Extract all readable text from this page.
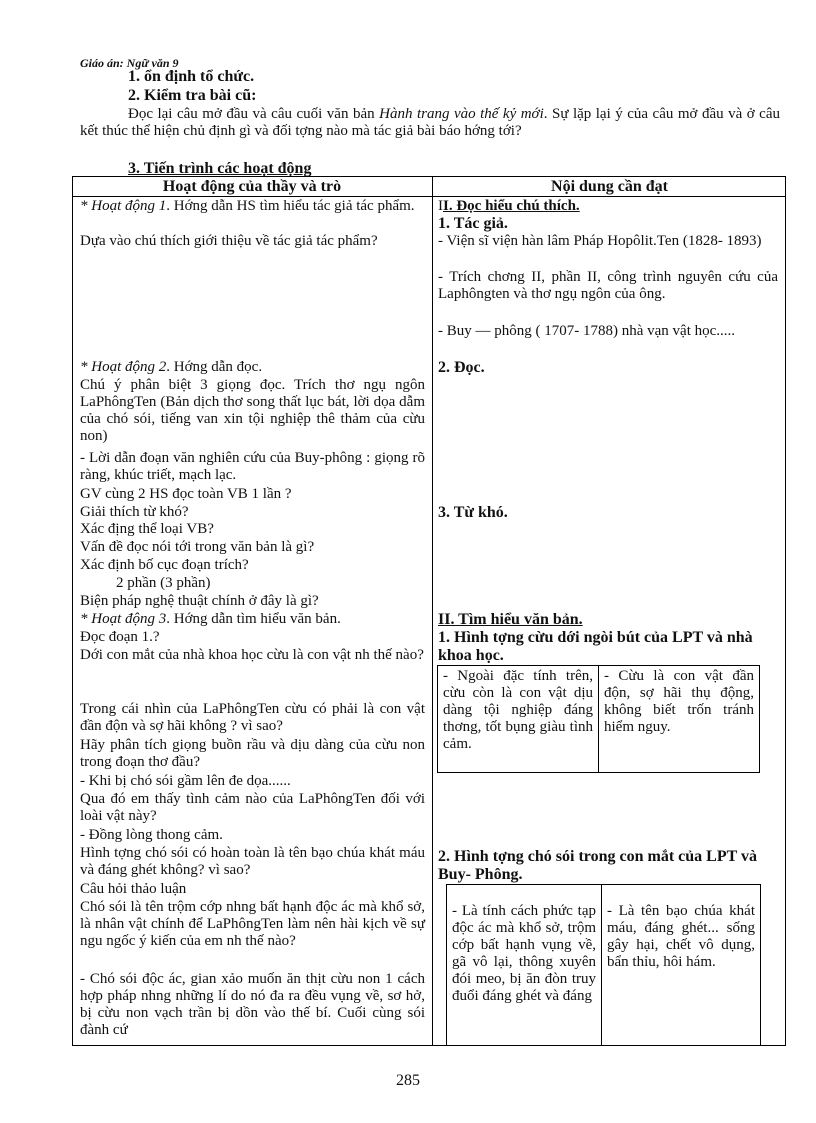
Giáo án: Ngữ văn 9
1. ổn định tổ chức.
2. Kiểm tra bài cũ:
Đọc lại câu mở đầu và câu cuối văn bản Hành trang vào thế kỷ mới. Sự lặp lại ý của câu mở đầu và ở câu kết thúc thể hiện chủ định gì và đối tợng nào mà tác giả bài báo hớng tới?
3. Tiến trình các hoạt động
Hoạt động của thầy và trò	Nội dung cần đạt
* Hoạt động 1. Hớng dẫn HS tìm hiểu tác giả tác phẩm.
Dựa vào chú thích giới thiệu về tác giả tác phẩm?
* Hoạt động 2. Hớng dẫn đọc.
Chú ý phân biệt 3 giọng đọc. Trích thơ ngụ ngôn LaPhôngTen (Bản dịch thơ song thất lục bát, lời dọa dẫm của chó sói, tiếng van xin tội nghiệp thê thảm của cừu non)
- Lời dẫn đoạn văn nghiên cứu của Buy-phông : giọng rõ ràng, khúc triết, mạch lạc.
GV cùng 2 HS đọc toàn VB 1 lần ?
Giải thích từ khó?
Xác địng thể loại VB?
Vấn đề đọc nói tới trong văn bản là gì?
Xác định bố cục đoạn trích?
2 phần (3 phần)
Biện pháp nghệ thuật chính ở đây là gì?
* Hoạt động 3. Hớng dẫn tìm hiểu văn bản.
Đọc đoạn 1.?
Dới con mắt của nhà khoa học cừu là con vật nh thế nào?
Trong cái nhìn của LaPhôngTen cừu có phải là con vật đần độn và sợ hãi không ? vì sao?
Hãy phân tích giọng buồn rầu và dịu dàng của cừu non trong đoạn thơ đầu?
- Khi bị chó sói gầm lên đe dọa......
Qua đó em thấy tình cảm nào của LaPhôngTen đối với loài vật này?
- Đồng lòng thong cảm.
Hình tợng chó sói có hoàn toàn là tên bạo chúa khát máu và đáng ghét không? vì sao?
Câu hỏi thảo luận
Chó sói là tên trộm cớp nhng bất hạnh độc ác mà khổ sở, là nhân vật chính để LaPhôngTen làm nên hài kịch về sự ngu ngốc ý kiến của em nh thế nào?
- Chó sói độc ác, gian xảo muốn ăn thịt cừu non 1 cách hợp pháp nhng những lí do nó đa ra đều vụng về, sơ hở, bị cừu non vạch trần bị dồn vào thế bí. Cuối cùng sói đành cứ
II. Đọc hiểu chú thích.
1. Tác giả.
- Viện sĩ viện hàn lâm Pháp Hopôlit.Ten (1828- 1893)
- Trích chơng II, phần II, công trình nguyên cứu của Laphôngten và thơ ngụ ngôn của ông.
- Buy — phông ( 1707- 1788) nhà vạn vật học.....
2. Đọc.
3. Từ khó.
II. Tìm hiểu văn bản.
1. Hình tợng cừu dới ngòi bút của LPT và nhà khoa học.
- Ngoài đặc tính trên, cừu còn là con vật dịu dàng tội nghiệp đáng thơng, tốt bụng giàu tình cảm.
- Cừu là con vật đần độn, sợ hãi thụ động, không biết trốn tránh hiểm nguy.
2. Hình tợng chó sói trong con mắt của LPT và Buy- Phông.
- Là tính cách phức tạp độc ác mà khổ sở, trộm cớp bất hạnh vụng về, gã vô lại, thông xuyên đói meo, bị ăn đòn truy đuổi đáng ghét và đáng
- Là tên bạo chúa khát máu, đáng ghét... sống gây hại, chết vô dụng, bẩn thỉu, hôi hám.
285
